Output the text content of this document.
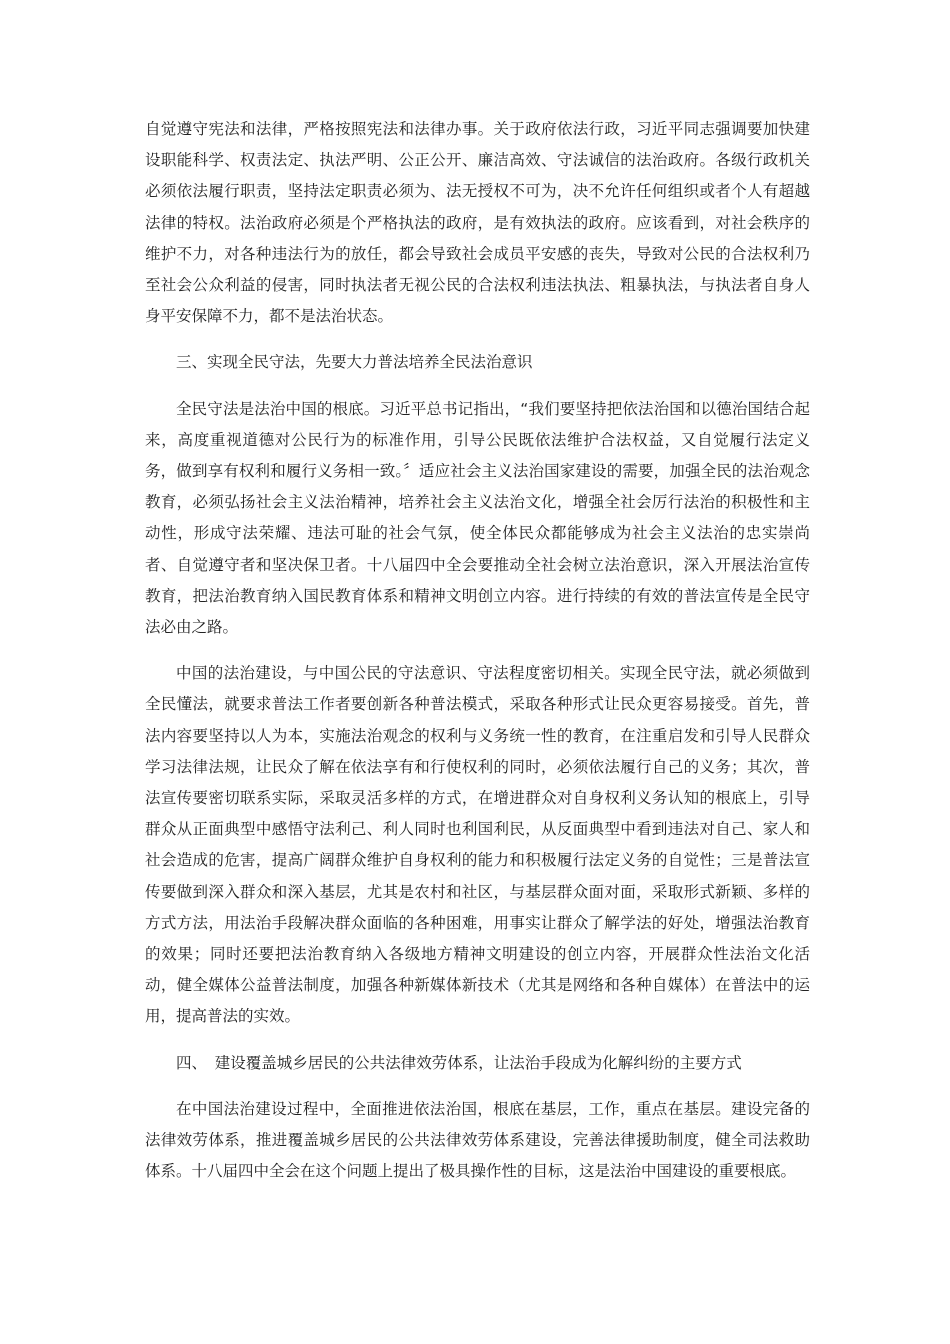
自觉遵守宪法和法律，严格按照宪法和法律办事。关于政府依法行政，习近平同志强调要加快建设职能科学、权责法定、执法严明、公正公开、廉洁高效、守法诚信的法治政府。各级行政机关必须依法履行职责，坚持法定职责必须为、法无授权不可为，决不允许任何组织或者个人有超越法律的特权。法治政府必须是个严格执法的政府，是有效执法的政府。应该看到，对社会秩序的维护不力，对各种违法行为的放任，都会导致社会成员平安感的丧失，导致对公民的合法权利乃至社会公众利益的侵害，同时执法者无视公民的合法权利违法执法、粗暴执法，与执法者自身人身平安保障不力，都不是法治状态。

三、实现全民守法，先要大力普法培养全民法治意识

全民守法是法治中国的根底。习近平总书记指出，“我们要坚持把依法治国和以德治国结合起来，高度重视道德对公民行为的标准作用，引导公民既依法维护合法权益，又自觉履行法定义务，做到享有权利和履行义务相一致。〞适应社会主义法治国家建设的需要，加强全民的法治观念教育，必须弘扬社会主义法治精神，培养社会主义法治文化，增强全社会厉行法治的积极性和主动性，形成守法荣耀、违法可耻的社会气氛，使全体民众都能够成为社会主义法治的忠实崇尚者、自觉遵守者和坚决保卫者。十八届四中全会要推动全社会树立法治意识，深入开展法治宣传教育，把法治教育纳入国民教育体系和精神文明创立内容。进行持续的有效的普法宣传是全民守法必由之路。

中国的法治建设，与中国公民的守法意识、守法程度密切相关。实现全民守法，就必须做到全民懂法，就要求普法工作者要创新各种普法模式，采取各种形式让民众更容易接受。首先，普法内容要坚持以人为本，实施法治观念的权利与义务统一性的教育，在注重启发和引导人民群众学习法律法规，让民众了解在依法享有和行使权利的同时，必须依法履行自己的义务；其次，普法宣传要密切联系实际，采取灵活多样的方式，在增进群众对自身权利义务认知的根底上，引导群众从正面典型中感悟守法利己、利人同时也利国利民，从反面典型中看到违法对自己、家人和社会造成的危害，提高广阔群众维护自身权利的能力和积极履行法定义务的自觉性；三是普法宣传要做到深入群众和深入基层，尤其是农村和社区，与基层群众面对面，采取形式新颖、多样的方式方法，用法治手段解决群众面临的各种困难，用事实让群众了解学法的好处，增强法治教育的效果；同时还要把法治教育纳入各级地方精神文明建设的创立内容，开展群众性法治文化活动，健全媒体公益普法制度，加强各种新媒体新技术（尤其是网络和各种自媒体）在普法中的运用，提高普法的实效。

四、　建设覆盖城乡居民的公共法律效劳体系，让法治手段成为化解纠纷的主要方式

在中国法治建设过程中，全面推进依法治国，根底在基层，工作，重点在基层。建设完备的法律效劳体系，推进覆盖城乡居民的公共法律效劳体系建设，完善法律援助制度，健全司法救助体系。十八届四中全会在这个问题上提出了极具操作性的目标，这是法治中国建设的重要根底。
